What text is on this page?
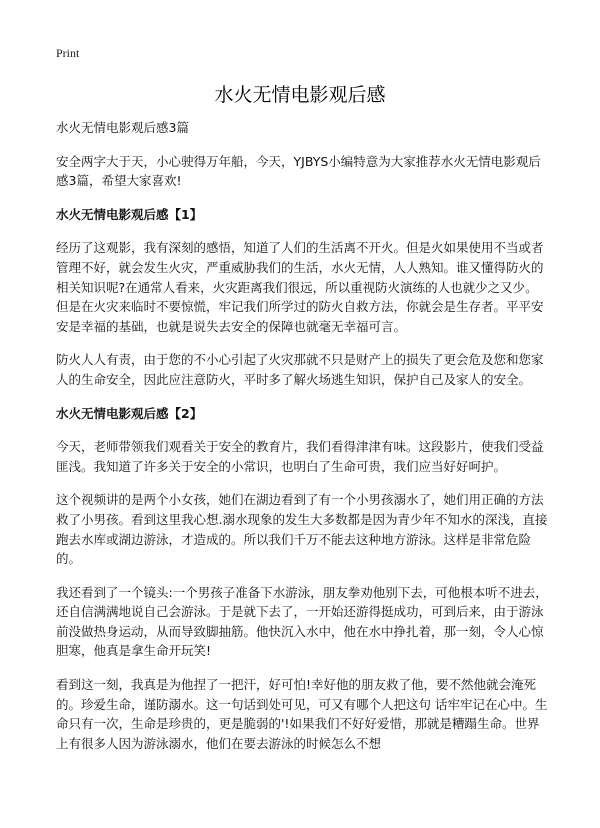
Print
水火无情电影观后感
水火无情电影观后感3篇

安全两字大于天，小心驶得万年船，今天，YJBYS小编特意为大家推荐水火无情电影观后感3篇，希望大家喜欢!

水火无情电影观后感【1】

经历了这观影，我有深刻的感悟，知道了人们的生活离不开火。但是火如果使用不当或者管理不好，就会发生火灾，严重威胁我们的生活，水火无情，人人熟知。谁又懂得防火的相关知识呢?在通常人看来，火灾距离我们很远，所以重视防火演练的人也就少之又少。但是在火灾来临时不要惊慌，牢记我们所学过的防火自救方法，你就会是生存者。平平安安是幸福的基础，也就是说失去安全的保障也就毫无幸福可言。

防火人人有责，由于您的不小心引起了火灾那就不只是财产上的损失了更会危及您和您家人的生命安全，因此应注意防火，平时多了解火场逃生知识，保护自己及家人的安全。

水火无情电影观后感【2】

今天，老师带领我们观看关于安全的教育片，我们看得津津有味。这段影片，使我们受益匪浅。我知道了许多关于安全的小常识，也明白了生命可贵，我们应当好好呵护。

这个视频讲的是两个小女孩，她们在湖边看到了有一个小男孩溺水了，她们用正确的方法救了小男孩。看到这里我心想.溺水现象的发生大多数都是因为青少年不知水的深浅，直接跑去水库或湖边游泳，才造成的。所以我们千万不能去这种地方游泳。这样是非常危险的。

我还看到了一个镜头:一个男孩子准备下水游泳，朋友拳劝他别下去，可他根本听不进去，还自信满满地说自己会游泳。于是就下去了，一开始还游得挺成功，可到后来，由于游泳前没做热身运动，从而导致脚抽筋。他快沉入水中，他在水中挣扎着，那一刻，令人心惊胆寒，他真是拿生命开玩笑!

看到这一刻，我真是为他捏了一把汗，好可怕!幸好他的朋友救了他，要不然他就会淹死的。珍爱生命，谨防溺水。这一句话到处可见，可又有哪个人把这句 话牢牢记在心中。生命只有一次，生命是珍贵的，更是脆弱的'!如果我们不好好爱惜，那就是糟蹋生命。世界上有很多人因为游泳溺水，他们在要去游泳的时候怎么不想
